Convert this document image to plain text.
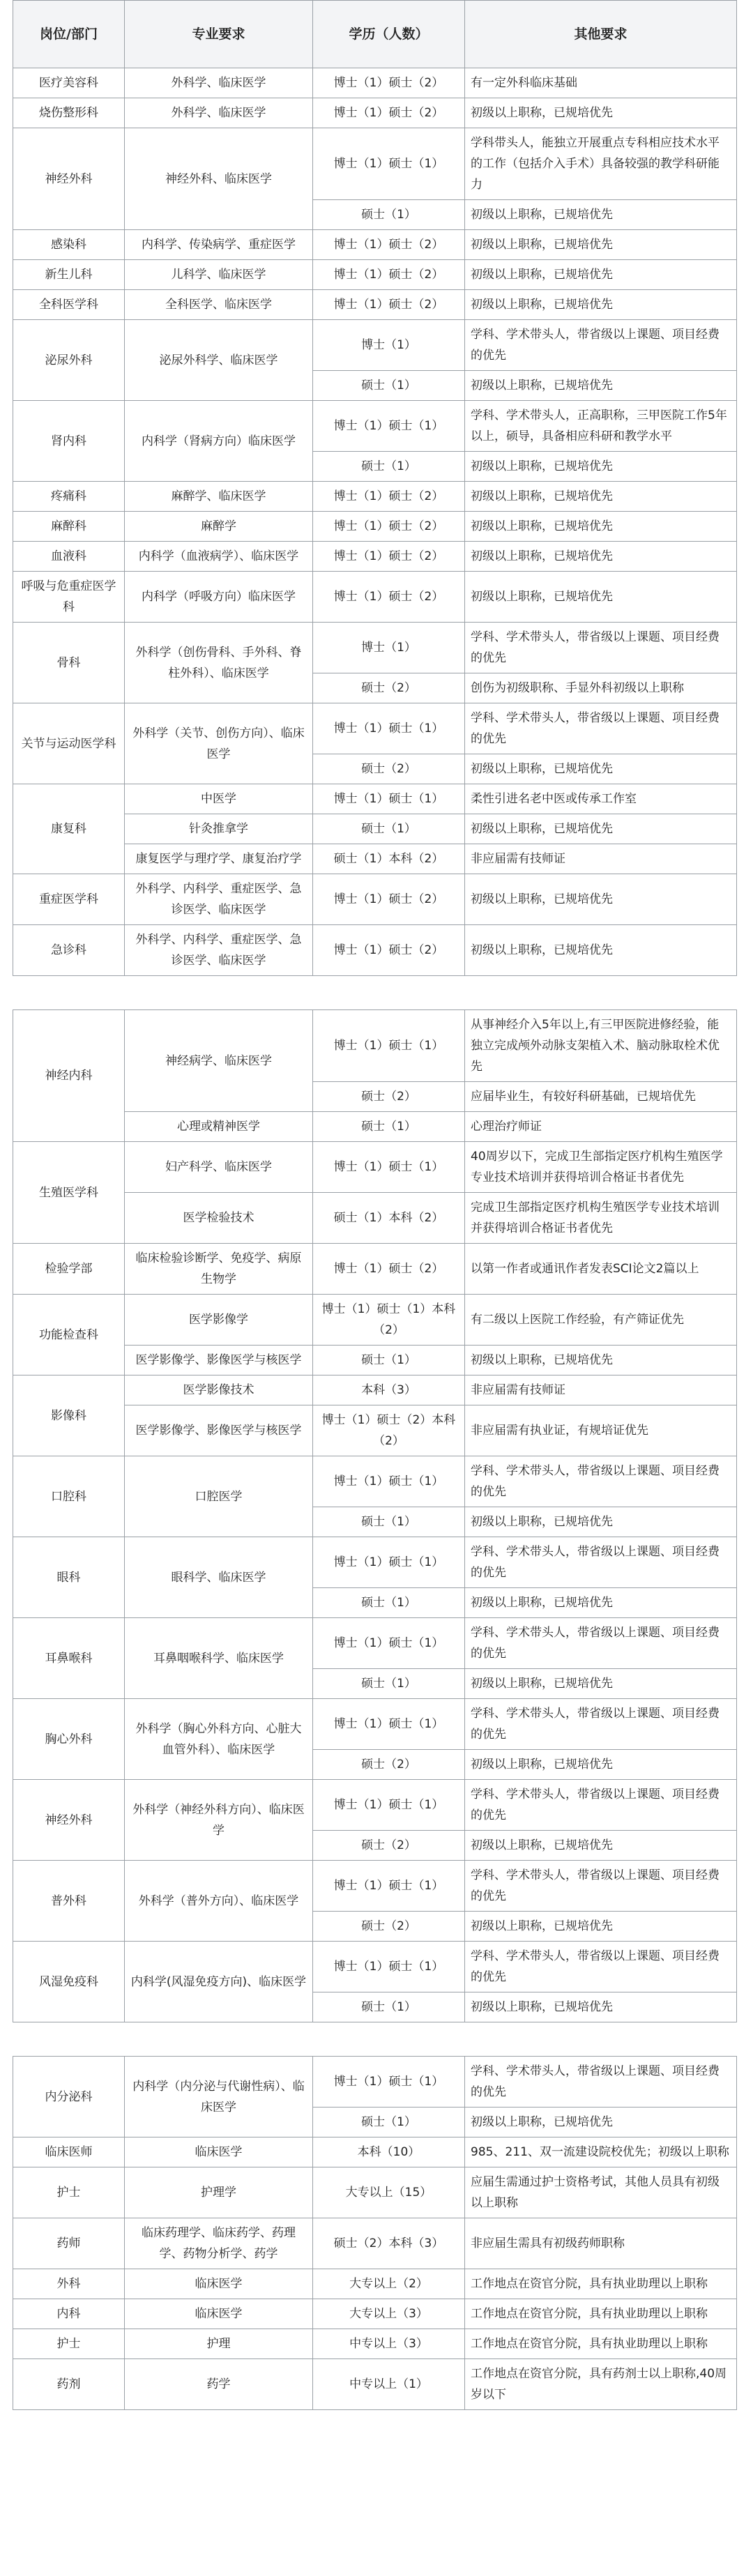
岗位/部门	专业要求	学历（人数）	其他要求
医疗美容科	外科学、临床医学	博士（1）硕士（2）	有一定外科临床基础
烧伤整形科	外科学、临床医学	博士（1）硕士（2）	初级以上职称，已规培优先
神经外科	神经外科、临床医学	博士（1）硕士（1）	学科带头人，能独立开展重点专科相应技术水平的工作（包括介入手术）具备较强的教学科研能力
		硕士（1）	初级以上职称，已规培优先
感染科	内科学、传染病学、重症医学	博士（1）硕士（2）	初级以上职称，已规培优先
新生儿科	儿科学、临床医学	博士（1）硕士（2）	初级以上职称，已规培优先
全科医学科	全科医学、临床医学	博士（1）硕士（2）	初级以上职称，已规培优先
泌尿外科	泌尿外科学、临床医学	博士（1）	学科、学术带头人，带省级以上课题、项目经费的优先
		硕士（1）	初级以上职称，已规培优先
肾内科	内科学（肾病方向）临床医学	博士（1）硕士（1）	学科、学术带头人，正高职称，三甲医院工作5年以上，硕导，具备相应科研和教学水平
		硕士（1）	初级以上职称，已规培优先
疼痛科	麻醉学、临床医学	博士（1）硕士（2）	初级以上职称，已规培优先
麻醉科	麻醉学	博士（1）硕士（2）	初级以上职称，已规培优先
血液科	内科学（血液病学）、临床医学	博士（1）硕士（2）	初级以上职称，已规培优先
呼吸与危重症医学科	内科学（呼吸方向）临床医学	博士（1）硕士（2）	初级以上职称，已规培优先
骨科	外科学（创伤骨科、手外科、脊柱外科）、临床医学	博士（1）	学科、学术带头人，带省级以上课题、项目经费的优先
		硕士（2）	创伤为初级职称、手显外科初级以上职称
关节与运动医学科	外科学（关节、创伤方向）、临床医学	博士（1）硕士（1）	学科、学术带头人，带省级以上课题、项目经费的优先
		硕士（2）	初级以上职称，已规培优先
康复科	中医学	博士（1）硕士（1）	柔性引进名老中医或传承工作室
	针灸推拿学	硕士（1）	初级以上职称，已规培优先
	康复医学与理疗学、康复治疗学	硕士（1）本科（2）	非应届需有技师证
重症医学科	外科学、内科学、重症医学、急诊医学、临床医学	博士（1）硕士（2）	初级以上职称，已规培优先
急诊科	外科学、内科学、重症医学、急诊医学、临床医学	博士（1）硕士（2）	初级以上职称，已规培优先

神经内科	神经病学、临床医学	博士（1）硕士（1）	从事神经介入5年以上,有三甲医院进修经验，能独立完成颅外动脉支架植入术、脑动脉取栓术优先
		硕士（2）	应届毕业生，有较好科研基础，已规培优先
	心理或精神医学	硕士（1）	心理治疗师证
生殖医学科	妇产科学、临床医学	博士（1）硕士（1）	40周岁以下，完成卫生部指定医疗机构生殖医学专业技术培训并获得培训合格证书者优先
	医学检验技术	硕士（1）本科（2）	完成卫生部指定医疗机构生殖医学专业技术培训并获得培训合格证书者优先
检验学部	临床检验诊断学、免疫学、病原生物学	博士（1）硕士（2）	以第一作者或通讯作者发表SCI论文2篇以上
功能检查科	医学影像学	博士（1）硕士（1）本科（2）	有二级以上医院工作经验，有产筛证优先
	医学影像学、影像医学与核医学	硕士（1）	初级以上职称，已规培优先
影像科	医学影像技术	本科（3）	非应届需有技师证
	医学影像学、影像医学与核医学	博士（1）硕士（2）本科（2）	非应届需有执业证，有规培证优先
口腔科	口腔医学	博士（1）硕士（1）	学科、学术带头人，带省级以上课题、项目经费的优先
		硕士（1）	初级以上职称，已规培优先
眼科	眼科学、临床医学	博士（1）硕士（1）	学科、学术带头人，带省级以上课题、项目经费的优先
		硕士（1）	初级以上职称，已规培优先
耳鼻喉科	耳鼻咽喉科学、临床医学	博士（1）硕士（1）	学科、学术带头人，带省级以上课题、项目经费的优先
		硕士（1）	初级以上职称，已规培优先
胸心外科	外科学（胸心外科方向、心脏大血管外科）、临床医学	博士（1）硕士（1）	学科、学术带头人，带省级以上课题、项目经费的优先
		硕士（2）	初级以上职称，已规培优先
神经外科	外科学（神经外科方向）、临床医学	博士（1）硕士（1）	学科、学术带头人，带省级以上课题、项目经费的优先
		硕士（2）	初级以上职称，已规培优先
普外科	外科学（普外方向）、临床医学	博士（1）硕士（1）	学科、学术带头人，带省级以上课题、项目经费的优先
		硕士（2）	初级以上职称，已规培优先
风湿免疫科	内科学(风湿免疫方向)、临床医学	博士（1）硕士（1）	学科、学术带头人，带省级以上课题、项目经费的优先
		硕士（1）	初级以上职称，已规培优先

内分泌科	内科学（内分泌与代谢性病）、临床医学	博士（1）硕士（1）	学科、学术带头人，带省级以上课题、项目经费的优先
		硕士（1）	初级以上职称，已规培优先
临床医师	临床医学	本科（10）	985、211、双一流建设院校优先；初级以上职称
护士	护理学	大专以上（15）	应届生需通过护士资格考试，其他人员具有初级以上职称
药师	临床药理学、临床药学、药理学、药物分析学、药学	硕士（2）本科（3）	非应届生需具有初级药师职称
外科	临床医学	大专以上（2）	工作地点在资官分院，具有执业助理以上职称
内科	临床医学	大专以上（3）	工作地点在资官分院，具有执业助理以上职称
护士	护理	中专以上（3）	工作地点在资官分院，具有执业助理以上职称
药剂	药学	中专以上（1）	工作地点在资官分院，具有药剂士以上职称,40周岁以下
